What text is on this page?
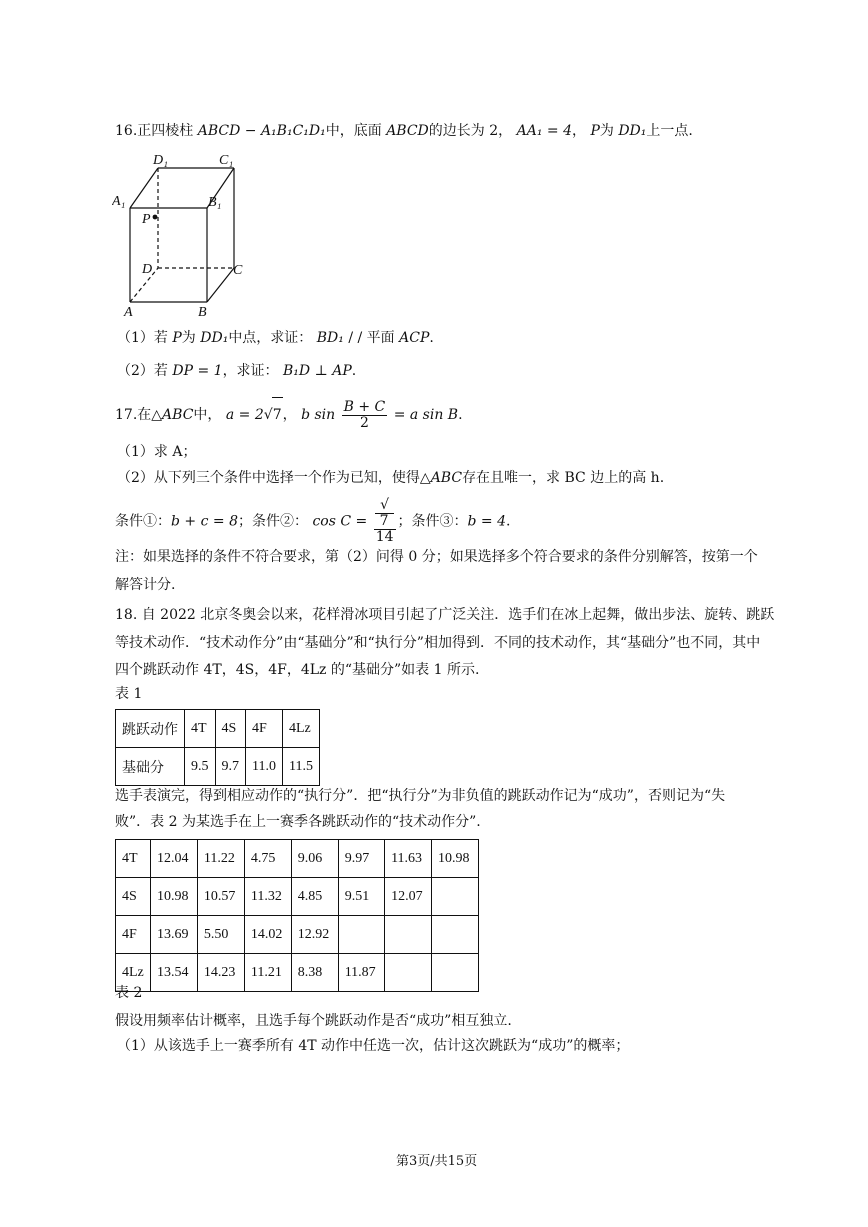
16.正四棱柱 ABCD − A₁B₁C₁D₁中，底面 ABCD的边长为 2， AA₁ = 4， P为 DD₁上一点.
D₁	C₁
A₁	B₁
P
D	C
A	B
（1）若 P为 DD₁中点，求证： BD₁ / / 平面 ACP.
（2）若 DP = 1，求证： B₁D ⊥ AP.
17.在△ABC中， a = 2√7， b $\sin \frac{B + C}{2} = a$ sin B.
（1）求 A；
（2）从下列三个条件中选择一个作为已知，使得△ABC存在且唯一，求 BC 边上的高 h.
条件①：b + c = 8；条件②： cos C = √
7
14 ；条件③：b = 4.
注：如果选择的条件不符合要求，第（2）问得 0 分；如果选择多个符合要求的条件分别解答，按第一个
解答计分.
18. 自 2022 北京冬奥会以来，花样滑冰项目引起了广泛关注．选手们在冰上起舞，做出步法、旋转、跳跃
等技术动作．“技术动作分”由“基础分”和“执行分”相加得到．不同的技术动作，其“基础分”也不同，其中
四个跳跃动作 4T，4S，4F，4Lz 的“基础分”如表 1 所示.
表 1
跳跃动作	4T	4S	4F	4Lz
基础分	9.5	9.7	11.0	11.5
选手表演完，得到相应动作的“执行分”．把“执行分”为非负值的跳跃动作记为“成功”，否则记为“失
败”．表 2 为某选手在上一赛季各跳跃动作的“技术动作分”.
4T	12.04	11.22	4.75	9.06	9.97	11.63	10.98
4S	10.98	10.57	11.32	4.85	9.51	12.07	
4F	13.69	5.50	14.02	12.92			
4Lz	13.54	14.23	11.21	8.38	11.87		
表 2
假设用频率估计概率，且选手每个跳跃动作是否“成功”相互独立.
（1）从该选手上一赛季所有 4T 动作中任选一次，估计这次跳跃为“成功”的概率；
第3页/共15页
